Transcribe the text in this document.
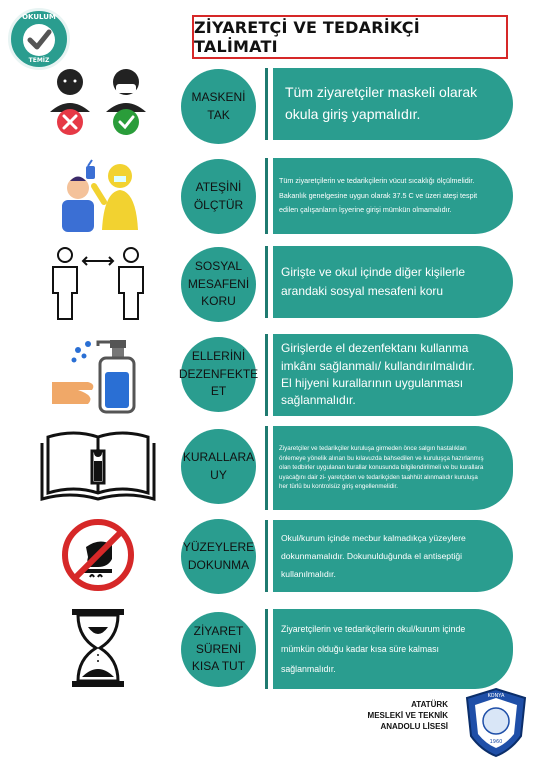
OKULUM
TEMİZ
ZİYARETÇİ VE TEDARİKÇİ TALİMATI
MASKENİ TAK
Tüm ziyaretçiler maskeli olarak okula giriş yapmalıdır.
ATEŞİNİ ÖLÇTÜR
Tüm ziyaretçilerin ve tedarikçilerin vücut sıcaklığı ölçülmelidir. Bakanlık genelgesine uygun olarak 37.5 C ve üzeri ateşi tespit edilen çalışanların İşyerine girişi mümkün olmamalıdır.
SOSYAL MESAFENİ KORU
Girişte ve okul içinde diğer kişilerle arandaki sosyal mesafeni koru
ELLERİNİ DEZENFEKTE ET
Girişlerde el dezenfektanı kullanma imkânı sağlanmalı/ kullandırılmalıdır. El hijyeni kurallarının uygulanması sağlanmalıdır.
KURALLARA UY
Ziyaretçiler ve tedarikçiler kuruluşa girmeden önce salgın hastalıkları önlemeye yönelik alınan bu kılavuzda bahsedilen ve kuruluşça hazırlanmış olan tedbirler uygulanan kurallar konusunda bilgilendirilmeli ve bu kurallara uyacağını dair zi- yaretçiden ve tedarikçiden taahhüt alınmalıdır kuruluşa her türlü bu kontrolsüz giriş engellenmelidir.
YÜZEYLERE DOKUNMA
Okul/kurum içinde mecbur kalmadıkça yüzeylere dokunmamalıdır. Dokunulduğunda el antiseptiği kullanılmalıdır.
ZİYARET SÜRENİ KISA TUT
Ziyaretçilerin ve tedarikçilerin okul/kurum içinde mümkün olduğu kadar kısa süre kalması sağlanmalıdır.
ATATÜRK
MESLEKİ VE TEKNİK
ANADOLU LİSESİ
KONYA
1960
